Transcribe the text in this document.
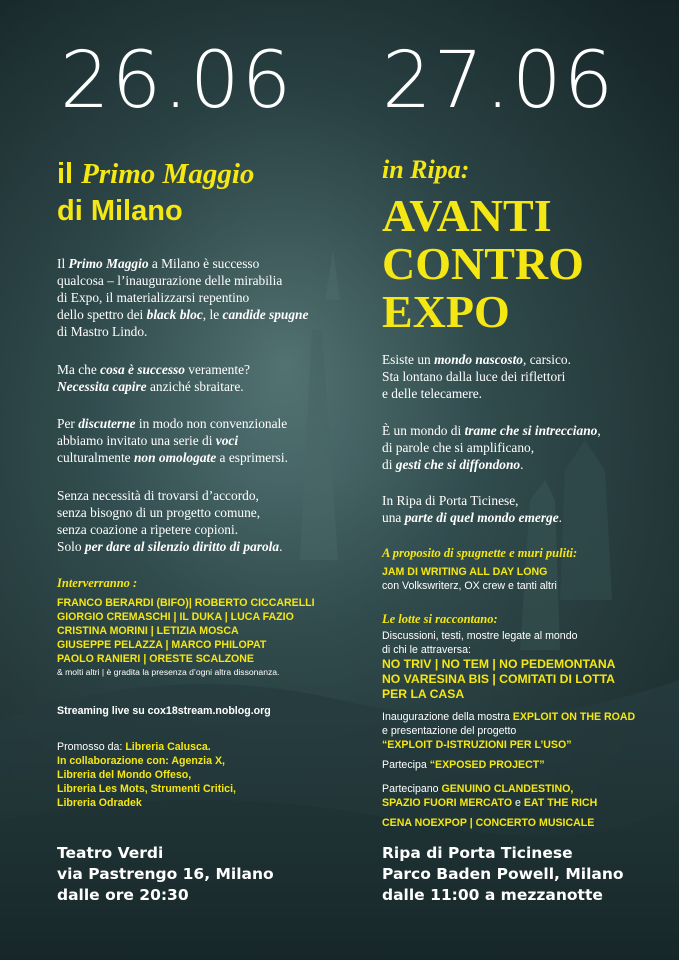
26.06
il Primo Maggio
di Milano
Il Primo Maggio a Milano è successo
qualcosa – l’inaugurazione delle mirabilia
di Expo, il materializzarsi repentino
dello spettro dei black bloc, le candide spugne
di Mastro Lindo.
Ma che cosa è successo veramente?
Necessita capire anziché sbraitare.
Per discuterne in modo non convenzionale
abbiamo invitato una serie di voci
culturalmente non omologate a esprimersi.
Senza necessità di trovarsi d’accordo,
senza bisogno di un progetto comune,
senza coazione a ripetere copioni.
Solo per dare al silenzio diritto di parola.
Interverranno :
FRANCO BERARDI (BIFO)| ROBERTO CICCARELLI
GIORGIO CREMASCHI | IL DUKA | LUCA FAZIO
CRISTINA MORINI | LETIZIA MOSCA
GIUSEPPE PELAZZA | MARCO PHILOPAT
PAOLO RANIERI | ORESTE SCALZONE
& molti altri | è gradita la presenza d’ogni altra dissonanza.
Streaming live su cox18stream.noblog.org
Promosso da: Libreria Calusca.
In collaborazione con: Agenzia X,
Libreria del Mondo Offeso,
Libreria Les Mots, Strumenti Critici,
Libreria Odradek
Teatro Verdi
via Pastrengo 16, Milano
dalle ore 20:30
27.06
in Ripa:
AVANTI
CONTRO
EXPO
Esiste un mondo nascosto, carsico.
Sta lontano dalla luce dei riflettori
e delle telecamere.
È un mondo di trame che si intrecciano,
di parole che si amplificano,
di gesti che si diffondono.
In Ripa di Porta Ticinese,
una parte di quel mondo emerge.
A proposito di spugnette e muri puliti:
JAM DI WRITING ALL DAY LONG
con Volkswriterz, OX crew e tanti altri
Le lotte si raccontano:
Discussioni, testi, mostre legate al mondo
di chi le attraversa:
NO TRIV | NO TEM | NO PEDEMONTANA
NO VARESINA BIS | COMITATI DI LOTTA
PER LA CASA
Inaugurazione della mostra EXPLOIT ON THE ROAD
e presentazione del progetto
“EXPLOIT D-ISTRUZIONI PER L’USO”
Partecipa “EXPOSED PROJECT”
Partecipano GENUINO CLANDESTINO,
SPAZIO FUORI MERCATO e EAT THE RICH
CENA NOEXPOP | CONCERTO MUSICALE
Ripa di Porta Ticinese
Parco Baden Powell, Milano
dalle 11:00 a mezzanotte
